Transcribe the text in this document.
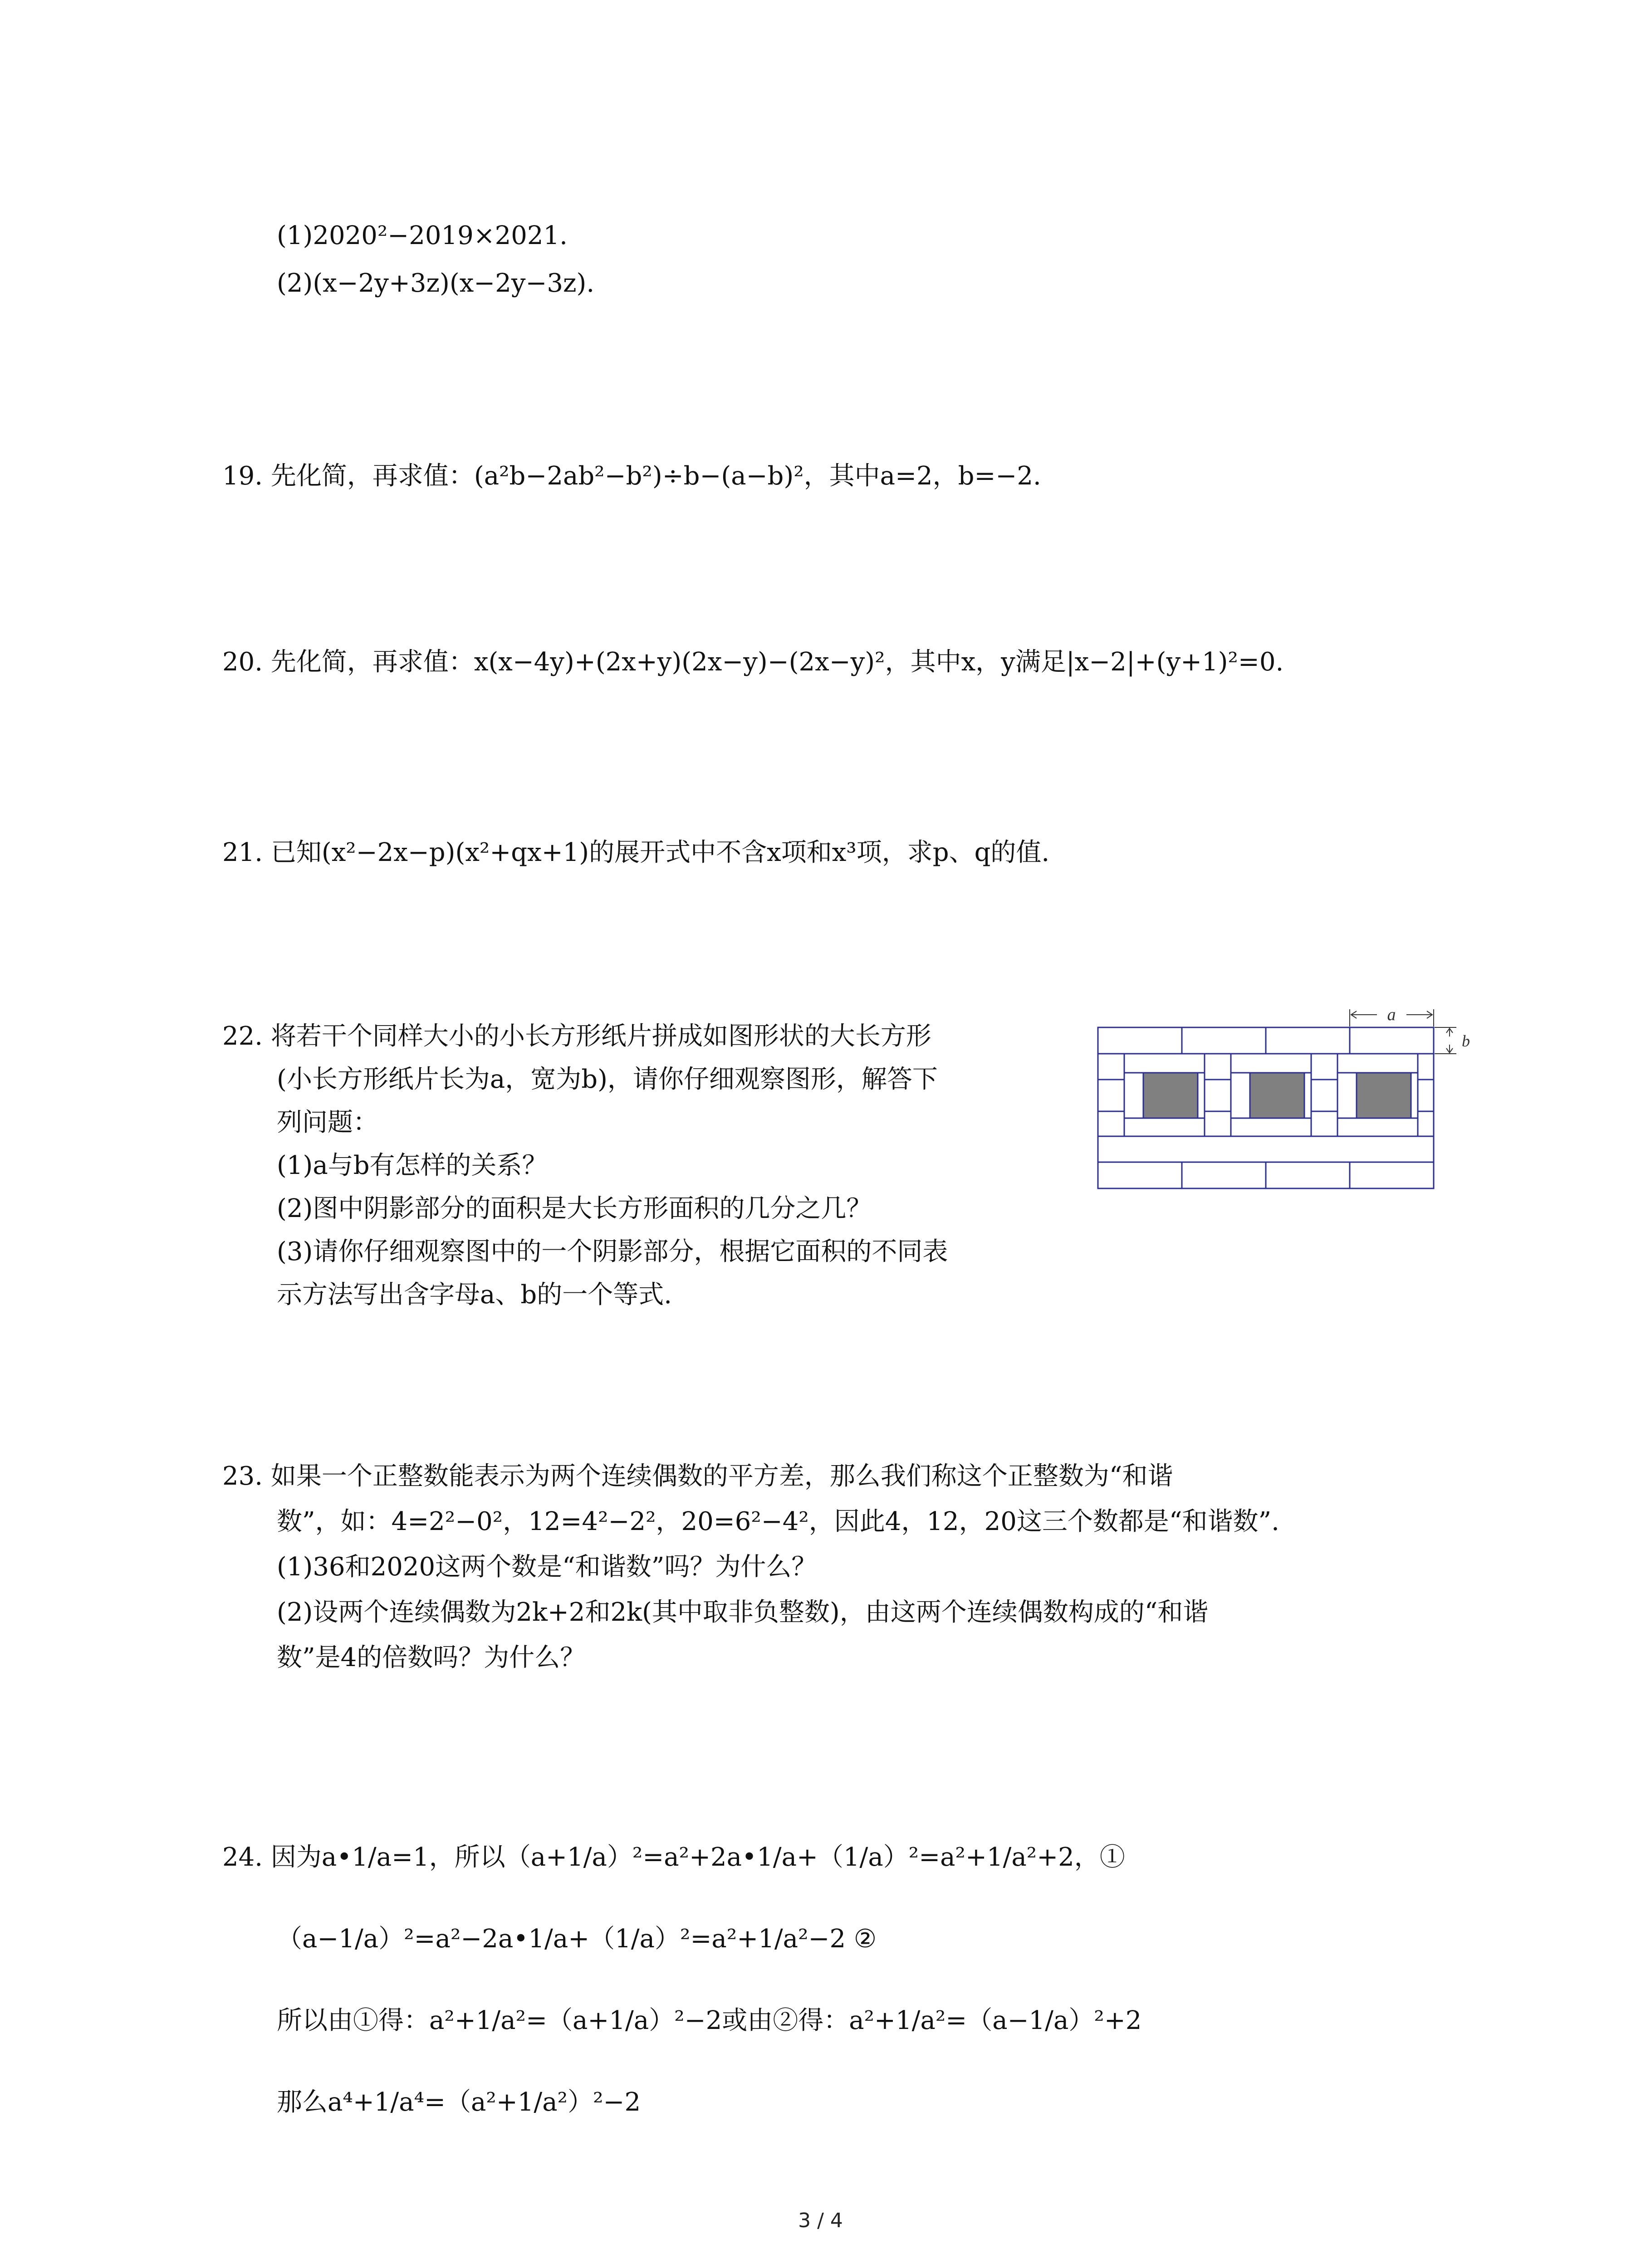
(1)2020²−2019×2021.
(2)(x−2y+3z)(x−2y−3z).
19. 先化简，再求值：(a²b−2ab²−b²)÷b−(a−b)²，其中a=2，b=−2.
20. 先化简，再求值：x(x−4y)+(2x+y)(2x−y)−(2x−y)²，其中x，y满足|x−2|+(y+1)²=0.
21. 已知(x²−2x−p)(x²+qx+1)的展开式中不含x项和x³项，求p、q的值.
22. 将若干个同样大小的小长方形纸片拼成如图形状的大长方形
(小长方形纸片长为a，宽为b)，请你仔细观察图形，解答下
列问题：
(1)a与b有怎样的关系？
(2)图中阴影部分的面积是大长方形面积的几分之几？
(3)请你仔细观察图中的一个阴影部分，根据它面积的不同表
示方法写出含字母a、b的一个等式.
a
b
23. 如果一个正整数能表示为两个连续偶数的平方差，那么我们称这个正整数为“和谐
数”，如：4=2²−0²，12=4²−2²，20=6²−4²，因此4，12，20这三个数都是“和谐数”.
(1)36和2020这两个数是“和谐数”吗？为什么？
(2)设两个连续偶数为2k+2和2k(其中取非负整数)，由这两个连续偶数构成的“和谐
数”是4的倍数吗？为什么？
24. 因为a•1/a=1，所以（a+1/a）²=a²+2a•1/a+（1/a）²=a²+1/a²+2，①
（a−1/a）²=a²−2a•1/a+（1/a）²=a²+1/a²−2 ②
所以由①得：a²+1/a²=（a+1/a）²−2或由②得：a²+1/a²=（a−1/a）²+2
那么a⁴+1/a⁴=（a²+1/a²）²−2
3 / 4
